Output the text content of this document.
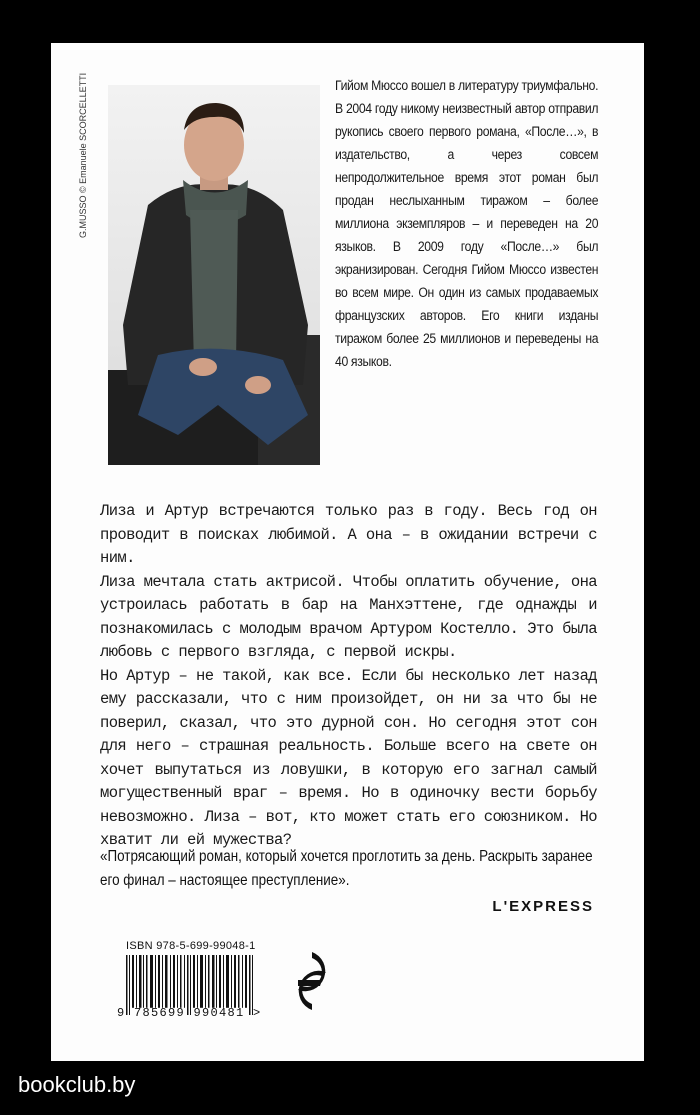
G.MUSSO © Emanuele SCORCELLETTI	Гийом Мюссо вошел в литературу триумфально. В 2004 году никому неизвестный автор отправил рукопись своего первого романа, «После…», в издательство, а через совсем непродолжительное время этот роман был продан неслыханным тиражом – более миллиона экземпляров – и переведен на 20 языков. В 2009 году «После…» был экранизирован. Сегодня Гийом Мюссо известен во всем мире. Он один из самых продаваемых французских авторов. Его книги изданы тиражом более 25 миллионов и переведены на 40 языков.

Лиза и Артур встречаются только раз в году. Весь год он проводит в поисках любимой. А она – в ожидании встречи с ним.

Лиза мечтала стать актрисой. Чтобы оплатить обучение, она устроилась работать в бар на Манхэттене, где однажды и познакомилась с молодым врачом Артуром Костелло. Это была любовь с первого взгляда, с первой искры.

Но Артур – не такой, как все. Если бы несколько лет назад ему рассказали, что с ним произойдет, он ни за что бы не поверил, сказал, что это дурной сон. Но сегодня этот сон для него – страшная реальность. Больше всего на свете он хочет выпутаться из ловушки, в которую его загнал самый могущественный враг – время. Но в одиночку вести борьбу невозможно. Лиза – вот, кто может стать его союзником. Но хватит ли ей мужества?

«Потрясающий роман, который хочется проглотить за день. Раскрыть заранее его финал – настоящее преступление».
L'EXPRESS
ISBN 978-5-699-99048-1
9 785699 990481 >
bookclub.by
